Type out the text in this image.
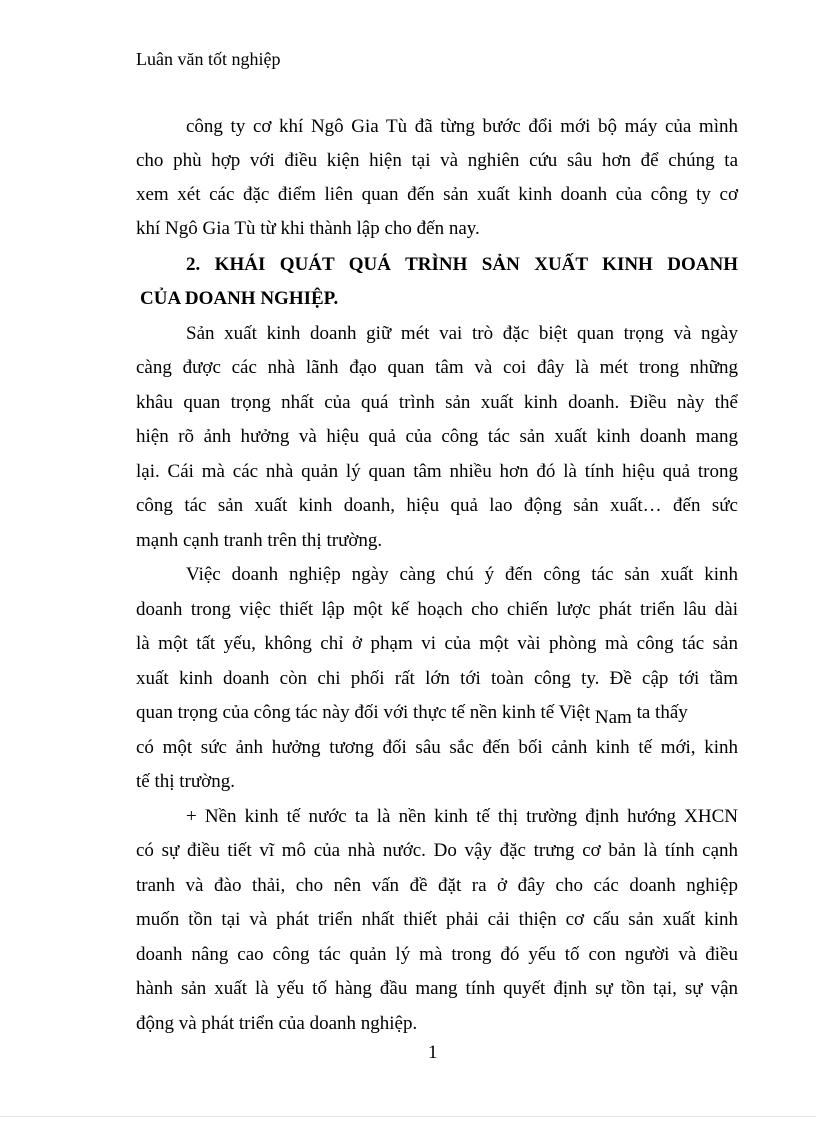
Luân văn tốt nghiệp
công ty cơ khí Ngô Gia Tù đã từng bước đổi mới bộ máy của mình
cho phù hợp với điều kiện hiện tại và nghiên cứu sâu hơn để chúng ta
xem xét các đặc điểm liên quan đến sản xuất kinh doanh của công ty cơ
khí Ngô Gia Tù từ khi thành lập cho đến nay.
2. KHÁI QUÁT QUÁ TRÌNH SẢN XUẤT KINH DOANH
CỦA DOANH NGHIỆP.
Sản xuất kinh doanh giữ mét vai trò đặc biệt quan trọng và ngày
càng được các nhà lãnh đạo quan tâm và coi đây là mét trong những
khâu quan trọng nhất của quá trình sản xuất kinh doanh. Điều này thể
hiện rõ ảnh hưởng và hiệu quả của công tác sản xuất kinh doanh mang
lại. Cái mà các nhà quản lý quan tâm nhiều hơn đó là tính hiệu quả trong
công tác sản xuất kinh doanh, hiệu quả lao động sản xuất… đến sức
mạnh cạnh tranh trên thị trường.
Việc doanh nghiệp ngày càng chú ý đến công tác sản xuất kinh
doanh trong việc thiết lập một kế hoạch cho chiến lược phát triển lâu dài
là một tất yếu, không chỉ ở phạm vi của một vài phòng mà công tác sản
xuất kinh doanh còn chi phối rất lớn tới toàn công ty. Đề cập tới tầm
quan trọng của công tác này đối với thực tế nền kinh tế Việt Nam ta thấy
có một sức ảnh hưởng tương đối sâu sắc đến bối cảnh kinh tế mới, kinh
tế thị trường.
+ Nền kinh tế nước ta là nền kinh tế thị trường định hướng XHCN
có sự điều tiết vĩ mô của nhà nước. Do vậy đặc trưng cơ bản là tính cạnh
tranh và đào thải, cho nên vấn đề đặt ra ở đây cho các doanh nghiệp
muốn tồn tại và phát triển nhất thiết phải cải thiện cơ cấu sản xuất kinh
doanh nâng cao công tác quản lý mà trong đó yếu tố con người và điều
hành sản xuất là yếu tố hàng đầu mang tính quyết định sự tồn tại, sự vận
động và phát triển của doanh nghiệp.
1
